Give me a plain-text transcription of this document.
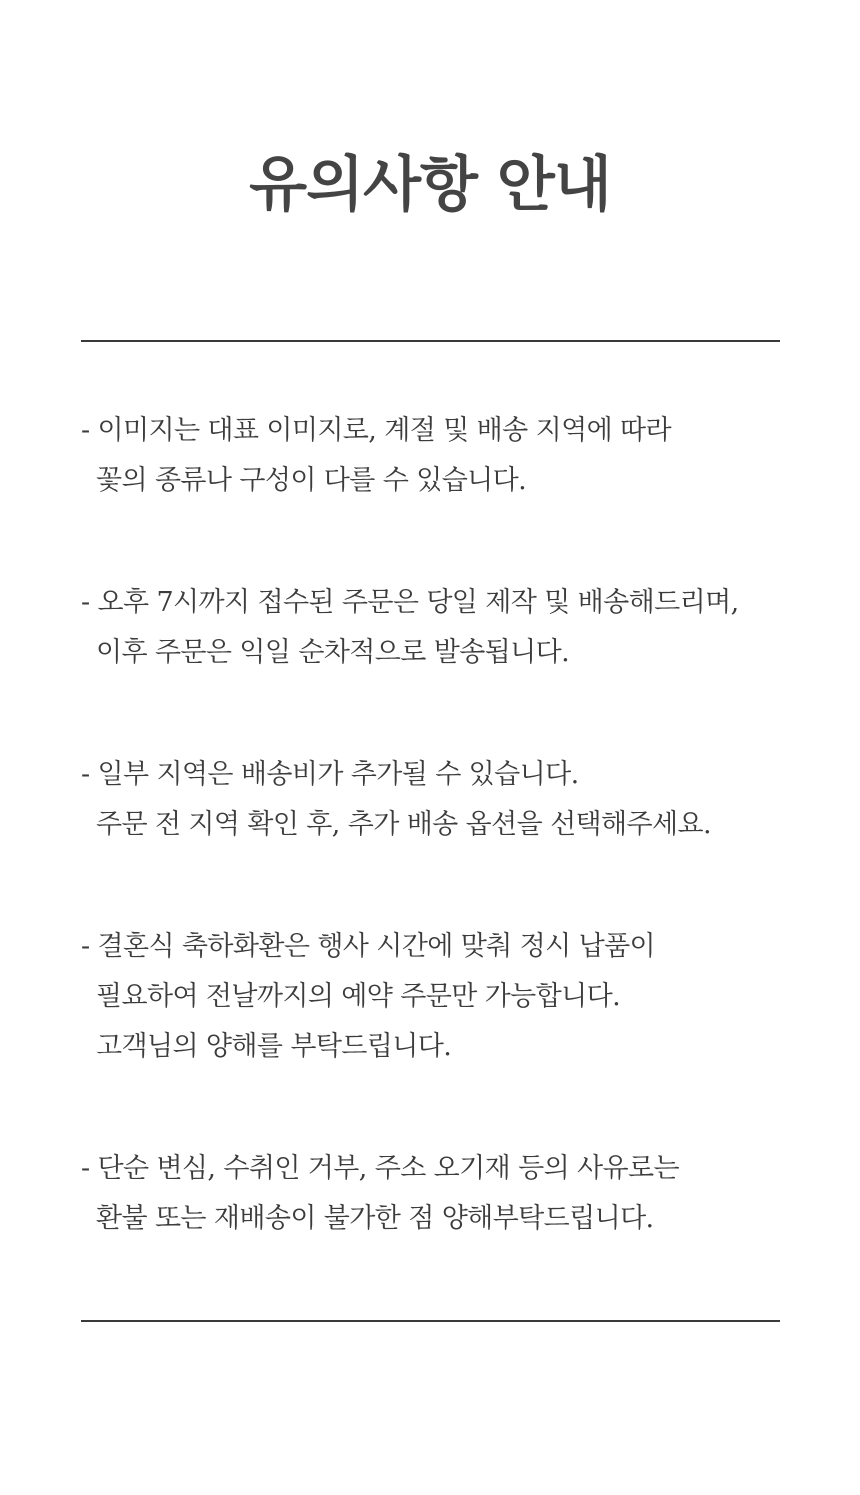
유의사항 안내
- 이미지는 대표 이미지로, 계절 및 배송 지역에 따라
꽃의 종류나 구성이 다를 수 있습니다.
- 오후 7시까지 접수된 주문은 당일 제작 및 배송해드리며,
이후 주문은 익일 순차적으로 발송됩니다.
- 일부 지역은 배송비가 추가될 수 있습니다.
주문 전 지역 확인 후, 추가 배송 옵션을 선택해주세요.
- 결혼식 축하화환은 행사 시간에 맞춰 정시 납품이
필요하여 전날까지의 예약 주문만 가능합니다.
고객님의 양해를 부탁드립니다.
- 단순 변심, 수취인 거부, 주소 오기재 등의 사유로는
환불 또는 재배송이 불가한 점 양해부탁드립니다.
